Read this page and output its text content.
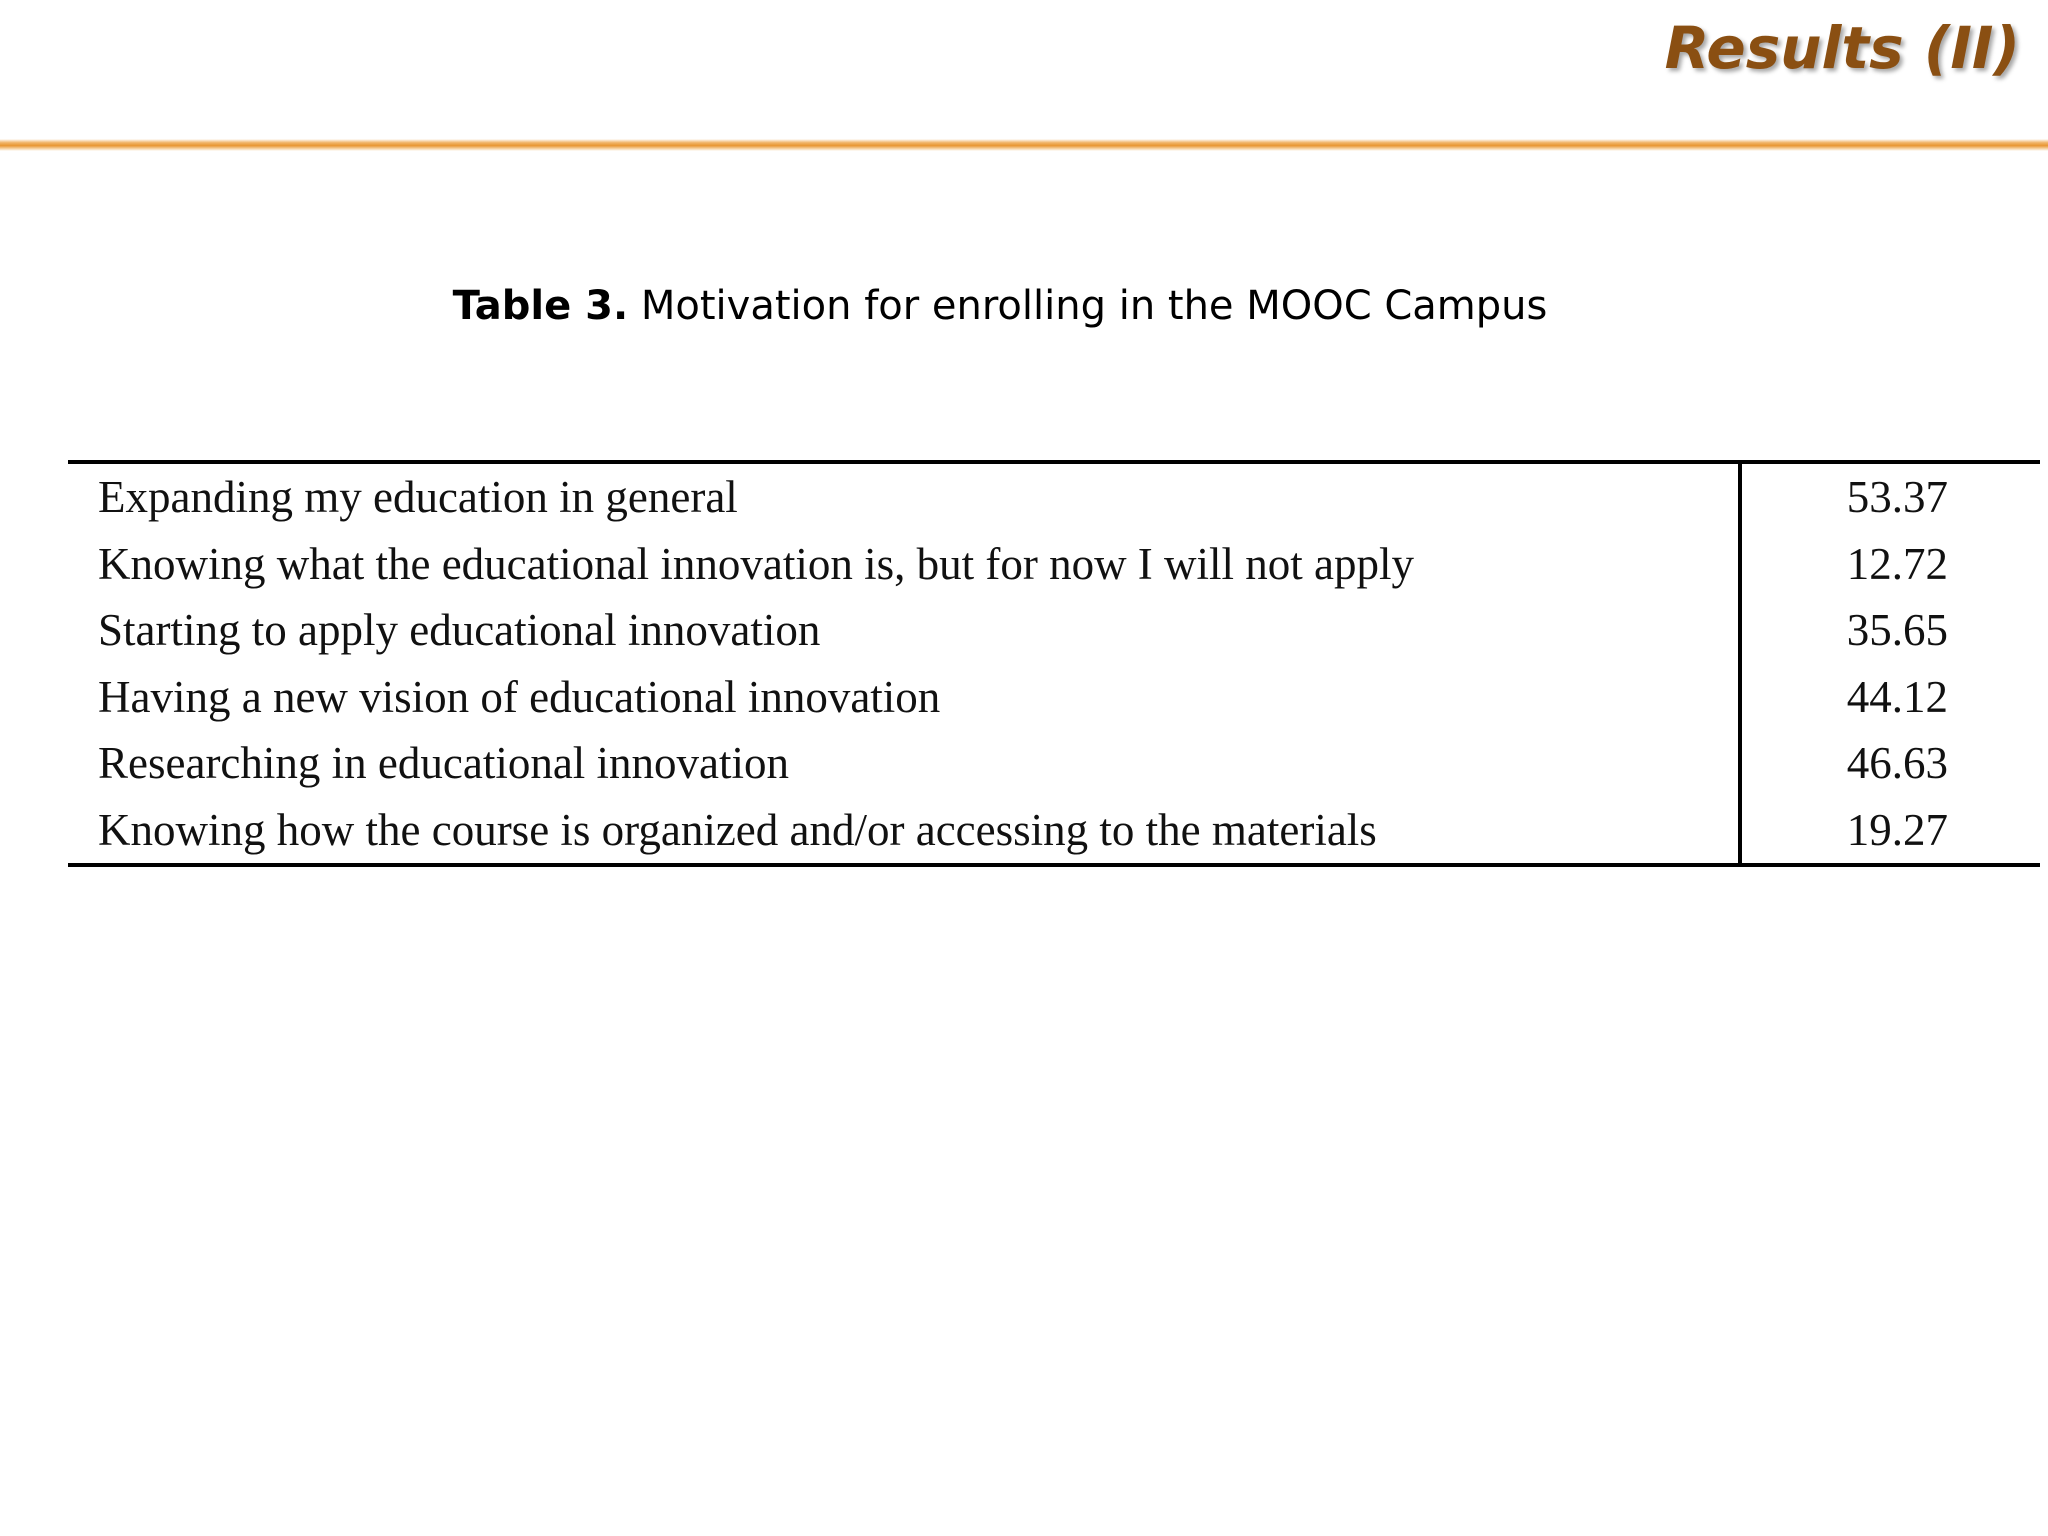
Results (II)
Table 3. Motivation for enrolling in the MOOC Campus
Expanding my education in general	53.37
Knowing what the educational innovation is, but for now I will not apply	12.72
Starting to apply educational innovation	35.65
Having a new vision of educational innovation	44.12
Researching in educational innovation	46.63
Knowing how the course is organized and/or accessing to the materials	19.27
